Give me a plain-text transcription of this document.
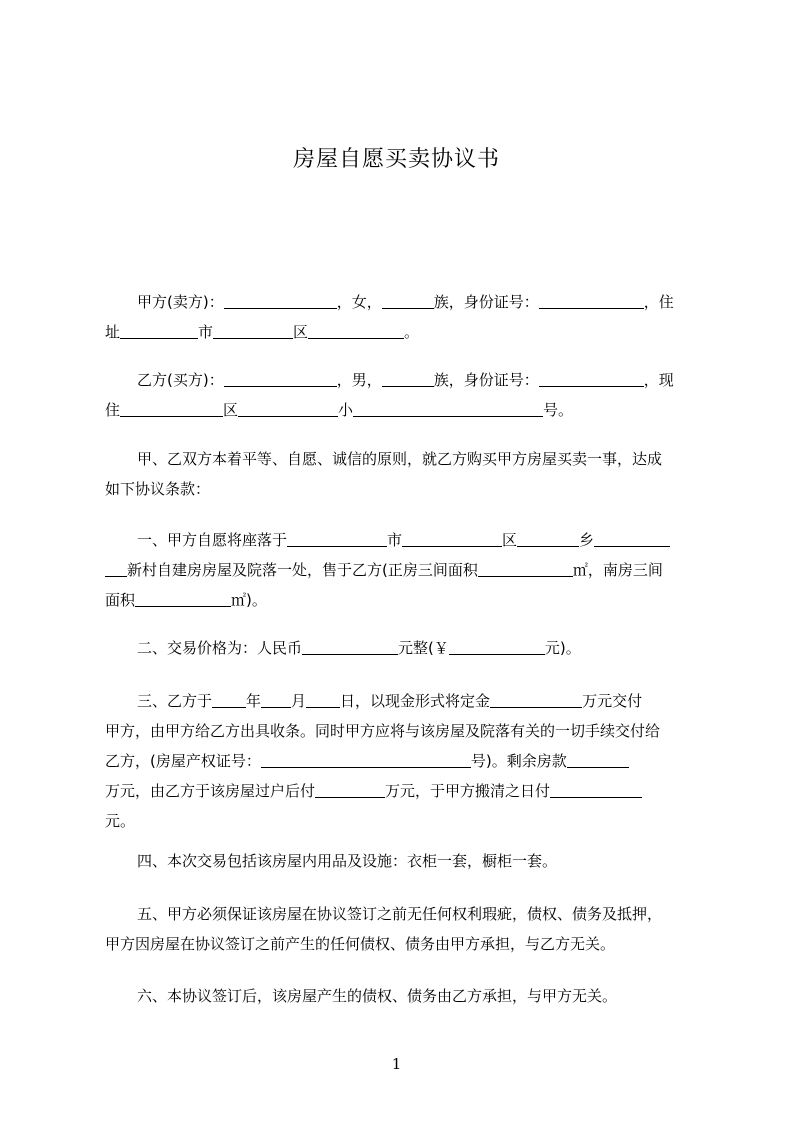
房屋自愿买卖协议书
甲方(卖方)：	，女，	族，身份证号：	，住
址	市	区	。
乙方(买方)：	，男，	族，身份证号：	，现
住	区	小	号。
甲、乙双方本着平等、自愿、诚信的原则，就乙方购买甲方房屋买卖一事，达成
如下协议条款：
一、甲方自愿将座落于	市	区	乡
新村自建房房屋及院落一处，售于乙方(正房三间面积	㎡，南房三间
面积	㎡)。
二、交易价格为：人民币	元整(￥	元)。
三、乙方于 年 月 日，以现金形式将定金	万元交付
甲方，由甲方给乙方出具收条。同时甲方应将与该房屋及院落有关的一切手续交付给
乙方，(房屋产权证号：	号)。剩余房款
万元，由乙方于该房屋过户后付	万元，于甲方搬清之日付
元。
四、本次交易包括该房屋内用品及设施：衣柜一套，橱柜一套。
五、甲方必须保证该房屋在协议签订之前无任何权利瑕疵，债权、债务及抵押，
甲方因房屋在协议签订之前产生的任何债权、债务由甲方承担，与乙方无关。
六、本协议签订后，该房屋产生的债权、债务由乙方承担，与甲方无关。
1
